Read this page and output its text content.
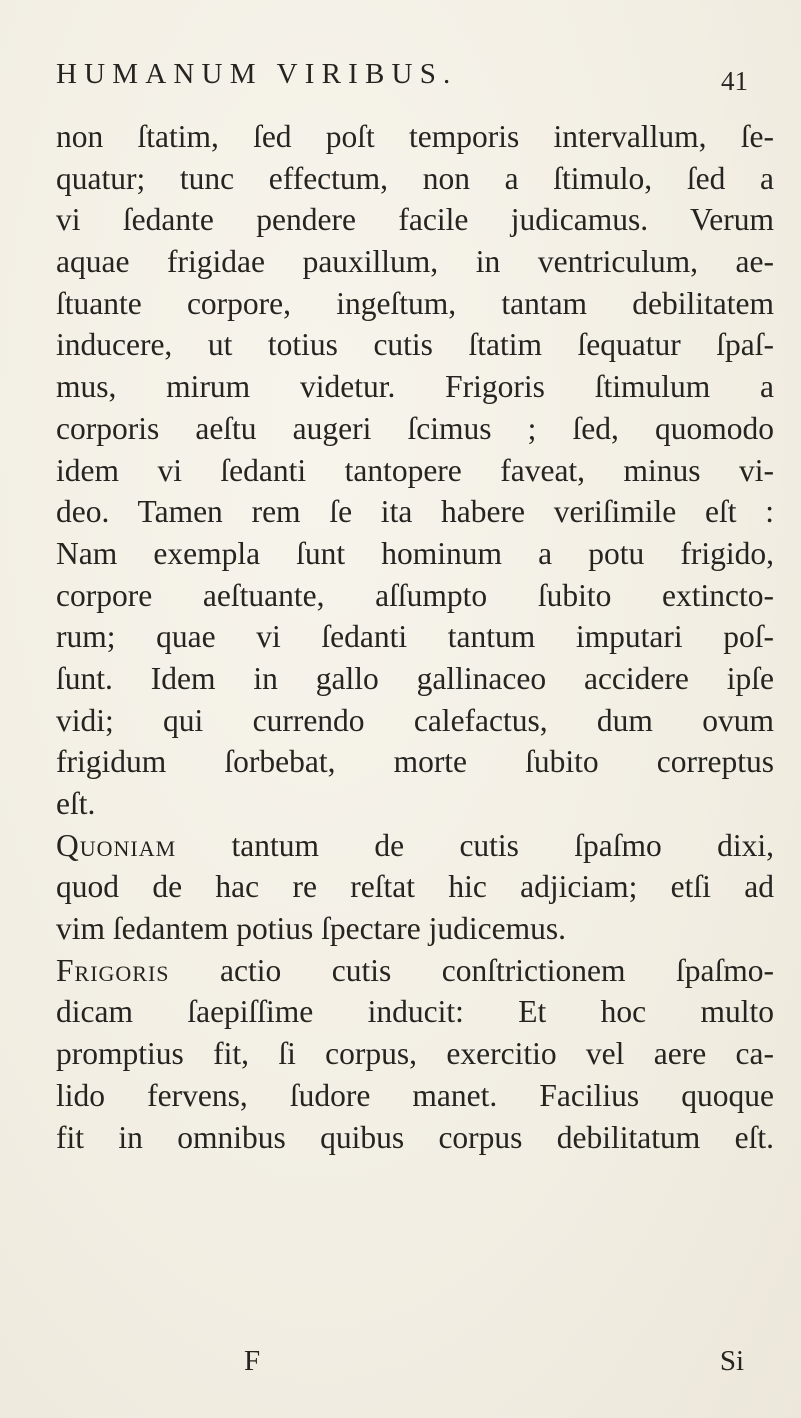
HUMANUM VIRIBUS.	41
non ſtatim, ſed poſt temporis intervallum, ſe-
quatur; tunc effectum, non a ſtimulo, ſed a
vi ſedante pendere facile judicamus. Verum
aquae frigidae pauxillum, in ventriculum, ae-
ſtuante corpore, ingeſtum, tantam debilitatem
inducere, ut totius cutis ſtatim ſequatur ſpaſ-
mus, mirum videtur. Frigoris ſtimulum a
corporis aeſtu augeri ſcimus ; ſed, quomodo
idem vi ſedanti tantopere faveat, minus vi-
deo. Tamen rem ſe ita habere veriſimile eſt :
Nam exempla ſunt hominum a potu frigido,
corpore aeſtuante, aſſumpto ſubito extincto-
rum; quae vi ſedanti tantum imputari poſ-
ſunt. Idem in gallo gallinaceo accidere ipſe
vidi; qui currendo calefactus, dum ovum
frigidum ſorbebat, morte ſubito correptus
eſt.
Quoniam tantum de cutis ſpaſmo dixi,
quod de hac re reſtat hic adjiciam; etſi ad
vim ſedantem potius ſpectare judicemus.
Frigoris actio cutis conſtrictionem ſpaſmo-
dicam ſaepiſſime inducit: Et hoc multo
promptius fit, ſi corpus, exercitio vel aere ca-
lido fervens, ſudore manet. Facilius quoque
fit in omnibus quibus corpus debilitatum eſt.
F	Si
